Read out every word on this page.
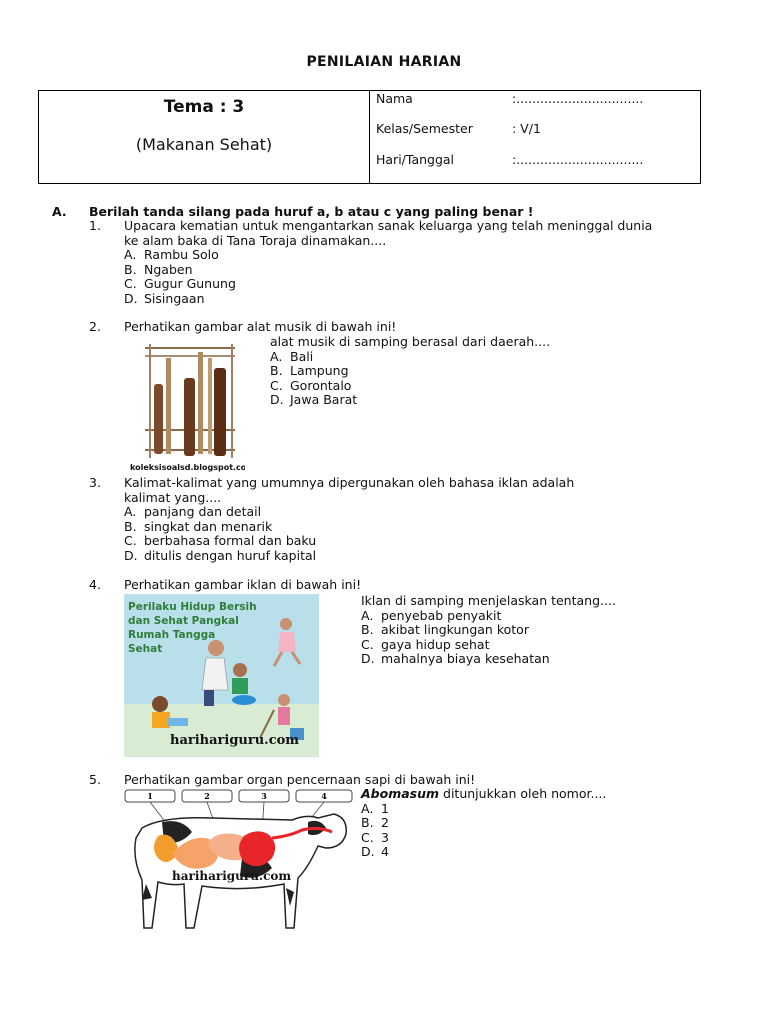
PENILAIAN HARIAN
Tema : 3
(Makanan Sehat)
Nama	:................................
Kelas/Semester	: V/1
Hari/Tanggal	:................................
A. Berilah tanda silang pada huruf a, b atau c yang paling benar !
1. Upacara kematian untuk mengantarkan sanak keluarga yang telah meninggal dunia
ke alam baka di Tana Toraja dinamakan....
A. Rambu Solo
B. Ngaben
C. Gugur Gunung
D. Sisingaan
2. Perhatikan gambar alat musik di bawah ini!
koleksisoalsd.blogspot.co
alat musik di samping berasal dari daerah....
A. Bali
B. Lampung
C. Gorontalo
D. Jawa Barat
3. Kalimat-kalimat yang umumnya dipergunakan oleh bahasa iklan adalah
kalimat yang....
A. panjang dan detail
B. singkat dan menarik
C. berbahasa formal dan baku
D. ditulis dengan huruf kapital
4. Perhatikan gambar iklan di bawah ini!
Perilaku Hidup Bersih
dan Sehat Pangkal
Rumah Tangga
Sehat
harihariguru.com
Iklan di samping menjelaskan tentang....
A. penyebab penyakit
B. akibat lingkungan kotor
C. gaya hidup sehat
D. mahalnya biaya kesehatan
5. Perhatikan gambar organ pencernaan sapi di bawah ini!
1	2	3	4
harihariguru.com
Abomasum ditunjukkan oleh nomor....
A. 1
B. 2
C. 3
D. 4
